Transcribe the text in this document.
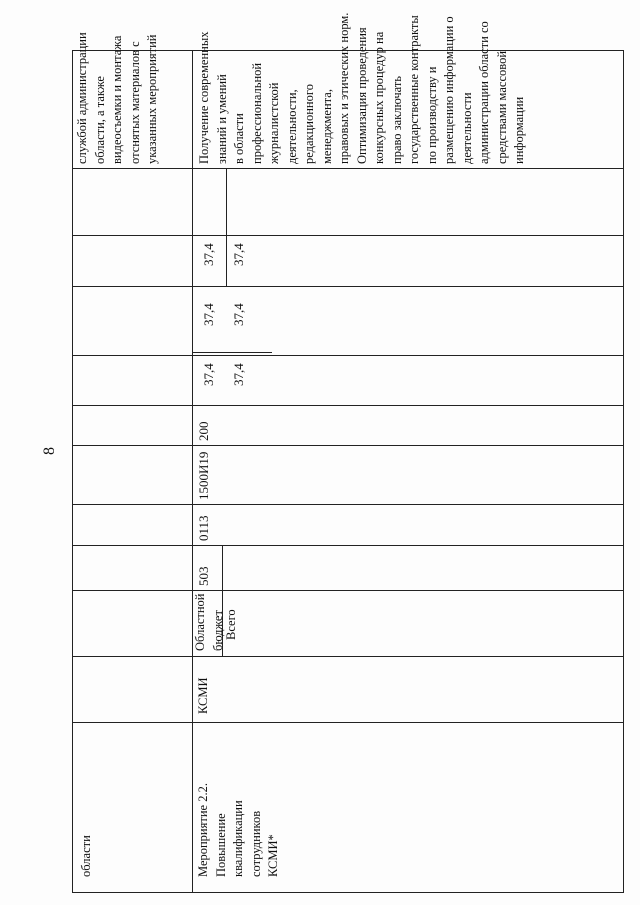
8
области
службой администрации
области, а также
видеосъемки и монтажа
отснятых материалов с
указанных мероприятий
Мероприятие 2.2.
Повышение
квалификации
сотрудников
КСМИ*
КСМИ
Областной
бюджет Всего
503
0113
1500И19
200
37,4 37,4
37,4 37,4
37,4 37,4
Получение современных
знаний и умений
в области
профессиональной
журналистской
деятельности,
редакционного
менеджмента,
правовых и этических норм.
Оптимизация проведения
конкурсных процедур на
право заключать
государственные контракты
по производству и
размещению информации о
деятельности
администрации области со
средствами массовой
информации
